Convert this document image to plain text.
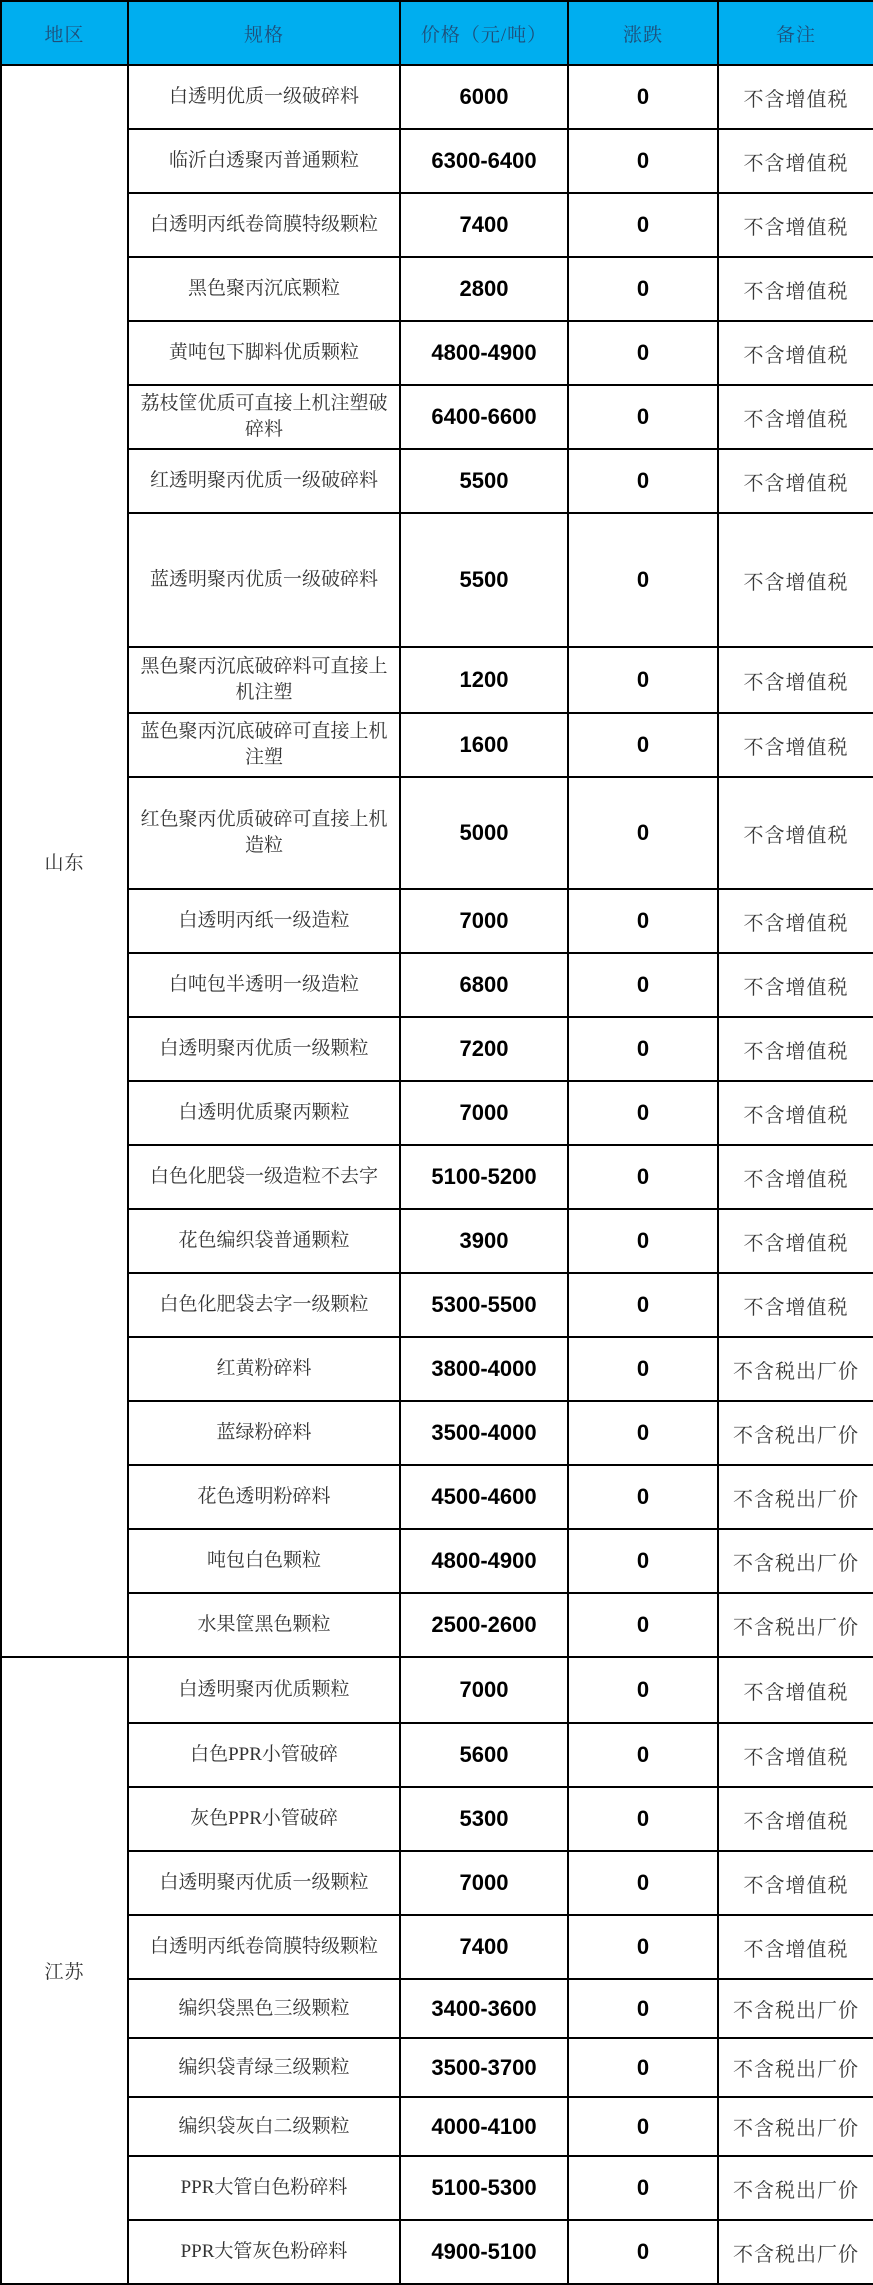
地区	规格	价格（元/吨）	涨跌	备注
山东	白透明优质一级破碎料	6000	0	不含增值税
	临沂白透聚丙普通颗粒	6300-6400	0	不含增值税
	白透明丙纸卷筒膜特级颗粒	7400	0	不含增值税
	黑色聚丙沉底颗粒	2800	0	不含增值税
	黄吨包下脚料优质颗粒	4800-4900	0	不含增值税
	荔枝筐优质可直接上机注塑破碎料	6400-6600	0	不含增值税
	红透明聚丙优质一级破碎料	5500	0	不含增值税
	蓝透明聚丙优质一级破碎料	5500	0	不含增值税
	黑色聚丙沉底破碎料可直接上机注塑	1200	0	不含增值税
	蓝色聚丙沉底破碎可直接上机注塑	1600	0	不含增值税
	红色聚丙优质破碎可直接上机造粒	5000	0	不含增值税
	白透明丙纸一级造粒	7000	0	不含增值税
	白吨包半透明一级造粒	6800	0	不含增值税
	白透明聚丙优质一级颗粒	7200	0	不含增值税
	白透明优质聚丙颗粒	7000	0	不含增值税
	白色化肥袋一级造粒不去字	5100-5200	0	不含增值税
	花色编织袋普通颗粒	3900	0	不含增值税
	白色化肥袋去字一级颗粒	5300-5500	0	不含增值税
	红黄粉碎料	3800-4000	0	不含税出厂价
	蓝绿粉碎料	3500-4000	0	不含税出厂价
	花色透明粉碎料	4500-4600	0	不含税出厂价
	吨包白色颗粒	4800-4900	0	不含税出厂价
	水果筐黑色颗粒	2500-2600	0	不含税出厂价
江苏	白透明聚丙优质颗粒	7000	0	不含增值税
	白色PPR小管破碎	5600	0	不含增值税
	灰色PPR小管破碎	5300	0	不含增值税
	白透明聚丙优质一级颗粒	7000	0	不含增值税
	白透明丙纸卷筒膜特级颗粒	7400	0	不含增值税
	编织袋黑色三级颗粒	3400-3600	0	不含税出厂价
	编织袋青绿三级颗粒	3500-3700	0	不含税出厂价
	编织袋灰白二级颗粒	4000-4100	0	不含税出厂价
	PPR大管白色粉碎料	5100-5300	0	不含税出厂价
	PPR大管灰色粉碎料	4900-5100	0	不含税出厂价
